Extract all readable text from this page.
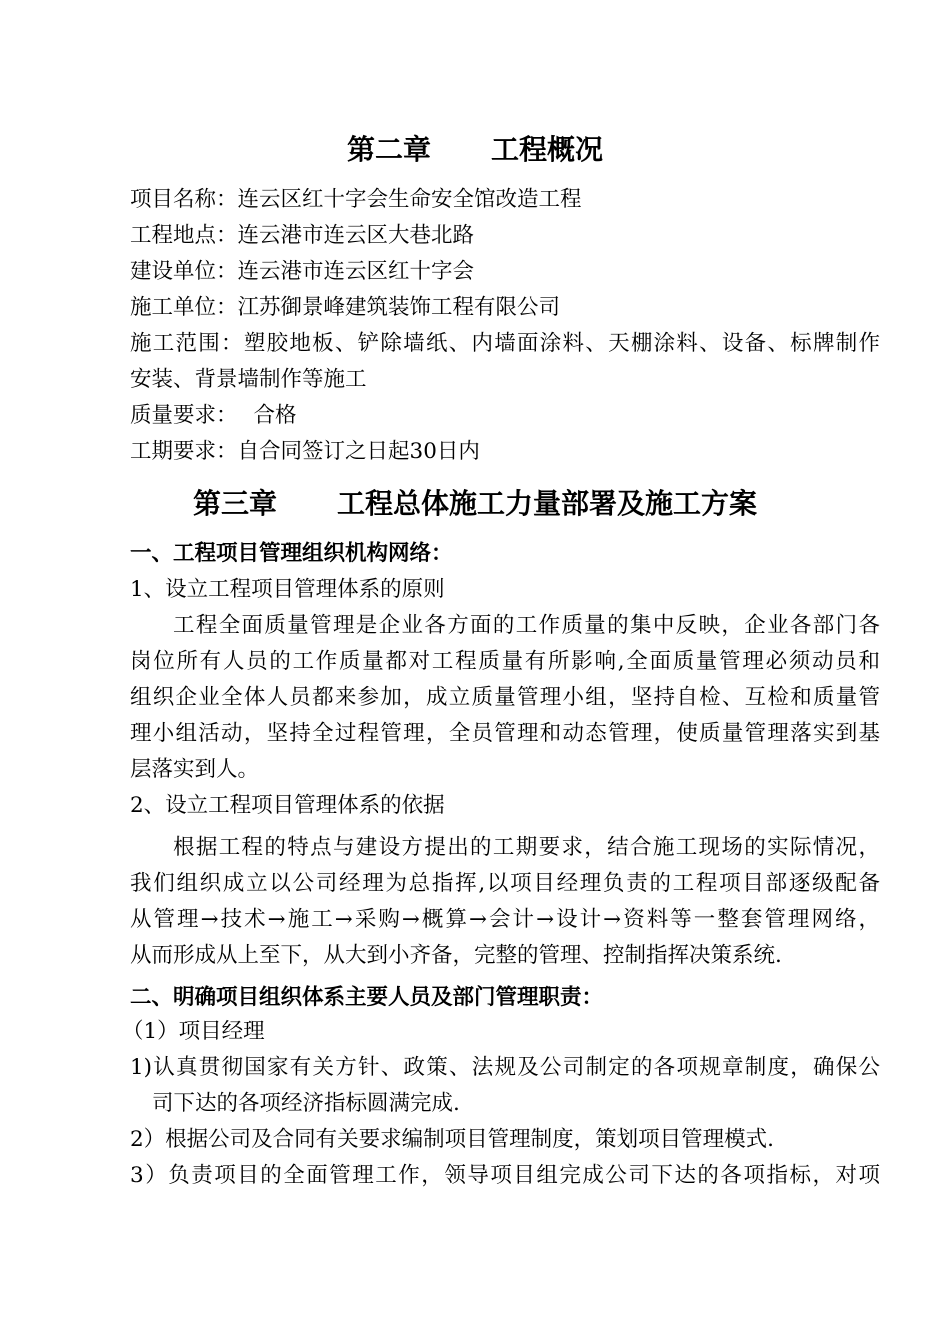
第二章 工程概况
项目名称：连云区红十字会生命安全馆改造工程
工程地点：连云港市连云区大巷北路
建设单位：连云港市连云区红十字会
施工单位：江苏御景峰建筑装饰工程有限公司
施工范围：塑胶地板、铲除墙纸、内墙面涂料、天棚涂料、设备、标牌制作
安装、背景墙制作等施工
质量要求： 合格
工期要求：自合同签订之日起30日内
第三章 工程总体施工力量部署及施工方案
一、工程项目管理组织机构网络：
1、设立工程项目管理体系的原则
工程全面质量管理是企业各方面的工作质量的集中反映，企业各部门各
岗位所有人员的工作质量都对工程质量有所影响,全面质量管理必须动员和
组织企业全体人员都来参加，成立质量管理小组，坚持自检、互检和质量管
理小组活动，坚持全过程管理，全员管理和动态管理，使质量管理落实到基
层落实到人。
2、设立工程项目管理体系的依据
根据工程的特点与建设方提出的工期要求，结合施工现场的实际情况，
我们组织成立以公司经理为总指挥,以项目经理负责的工程项目部逐级配备
从管理→技术→施工→采购→概算→会计→设计→资料等一整套管理网络，
从而形成从上至下，从大到小齐备，完整的管理、控制指挥决策系统.
二、明确项目组织体系主要人员及部门管理职责：
（1）项目经理
1)认真贯彻国家有关方针、政策、法规及公司制定的各项规章制度，确保公
司下达的各项经济指标圆满完成.
2）根据公司及合同有关要求编制项目管理制度，策划项目管理模式.
3）负责项目的全面管理工作，领导项目组完成公司下达的各项指标，对项
